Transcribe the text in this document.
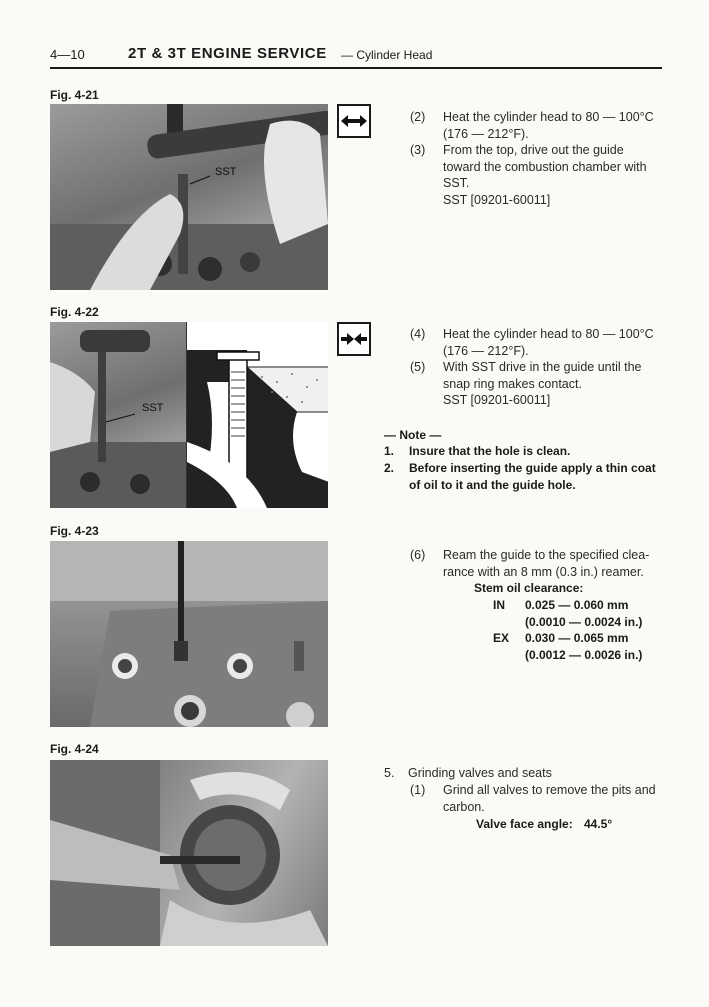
4—10	2T & 3T ENGINE SERVICE — Cylinder Head
Fig. 4-21
SST
(2) Heat the cylinder head to 80 — 100°C
(176 — 212°F).
(3) From the top, drive out the guide
toward the combustion chamber with
SST.
SST [09201-60011]
Fig. 4-22
SST
(4) Heat the cylinder head to 80 — 100°C
(176 — 212°F).
(5) With SST drive in the guide until the
snap ring makes contact.
SST [09201-60011]
— Note —
1. Insure that the hole is clean.
2. Before inserting the guide apply a thin coat
of oil to it and the guide hole.
Fig. 4-23
(6) Ream the guide to the specified clea-
rance with an 8 mm (0.3 in.) reamer.
Stem oil clearance:
IN 0.025 — 0.060 mm
(0.0010 — 0.0024 in.)
EX 0.030 — 0.065 mm
(0.0012 — 0.0026 in.)
Fig. 4-24
5. Grinding valves and seats
(1) Grind all valves to remove the pits and
carbon.
Valve face angle: 44.5°
